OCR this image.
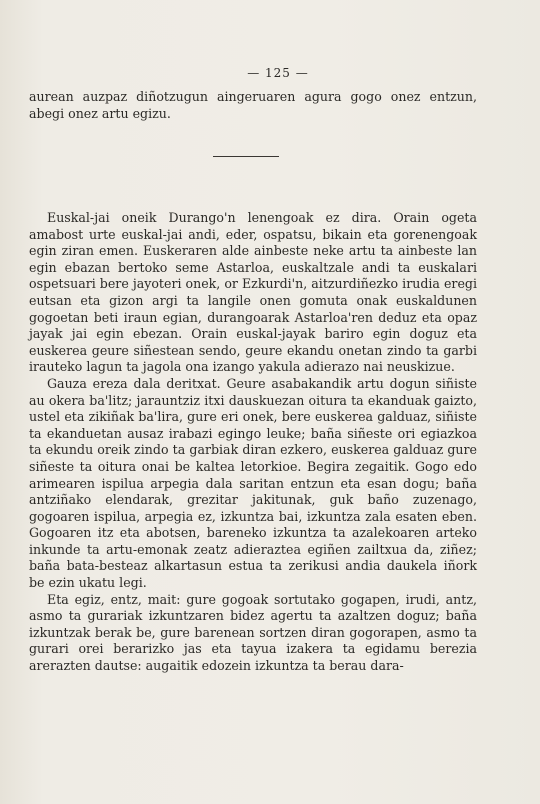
— 125 —

aurean auzpaz diñotzugun aingeruaren agura gogo onez entzun, abegi onez artu egizu.

Euskal-jai oneik Durango'n lenengoak ez dira. Orain ogeta amabost urte euskal-jai andi, eder, ospatsu, bikain eta gorenengoak egin ziran emen. Euskeraren alde ainbeste neke artu ta ainbeste lan egin ebazan bertoko seme Astarloa, euskaltzale andi ta euskalari ospetsuari bere jayoteri onek, or Ezkurdi'n, aitzurdiñezko irudia eregi eutsan eta gizon argi ta langile onen gomuta onak euskaldunen gogoetan beti iraun egian, durangoarak Astarloa'ren deduz eta opaz jayak jai egin ebezan. Orain euskal-jayak bariro egin doguz eta euskerea geure siñestean sendo, geure ekandu onetan zindo ta garbi irauteko lagun ta jagola ona izango yakula adierazo nai neuskizue.

Gauza ereza dala deritxat. Geure asabakandik artu dogun siñiste au okera ba'litz; jarauntziz itxi dauskuezan oitura ta ekanduak gaizto, ustel eta zikiñak ba'lira, gure eri onek, bere euskerea galduaz, siñiste ta ekanduetan ausaz irabazi egingo leuke; baña siñeste ori egiazkoa ta ekundu oreik zindo ta garbiak diran ezkero, euskerea galduaz gure siñeste ta oitura onai be kaltea letorkioe. Begira zegaitik. Gogo edo arimearen ispilua arpegia dala saritan entzun eta esan dogu; baña antziñako elendarak, grezitar jakitunak, guk baño zuzenago, gogoaren ispilua, arpegia ez, izkuntza bai, izkuntza zala esaten eben. Gogoaren itz eta abotsen, bareneko izkuntza ta azalekoaren arteko inkunde ta artu-emonak zeatz adieraztea egiñen zailtxua da, ziñez; baña bata-besteaz alkartasun estua ta zerikusi andia daukela iñork be ezin ukatu legi.

Eta egiz, entz, mait: gure gogoak sortutako gogapen, irudi, antz, asmo ta gurariak izkuntzaren bidez agertu ta azaltzen doguz; baña izkuntzak berak be, gure barenean sortzen diran gogorapen, asmo ta gurari orei berarizko jas eta tayua izakera ta egidamu berezia arerazten dautse: augaitik edozein izkuntza ta berau dara-
